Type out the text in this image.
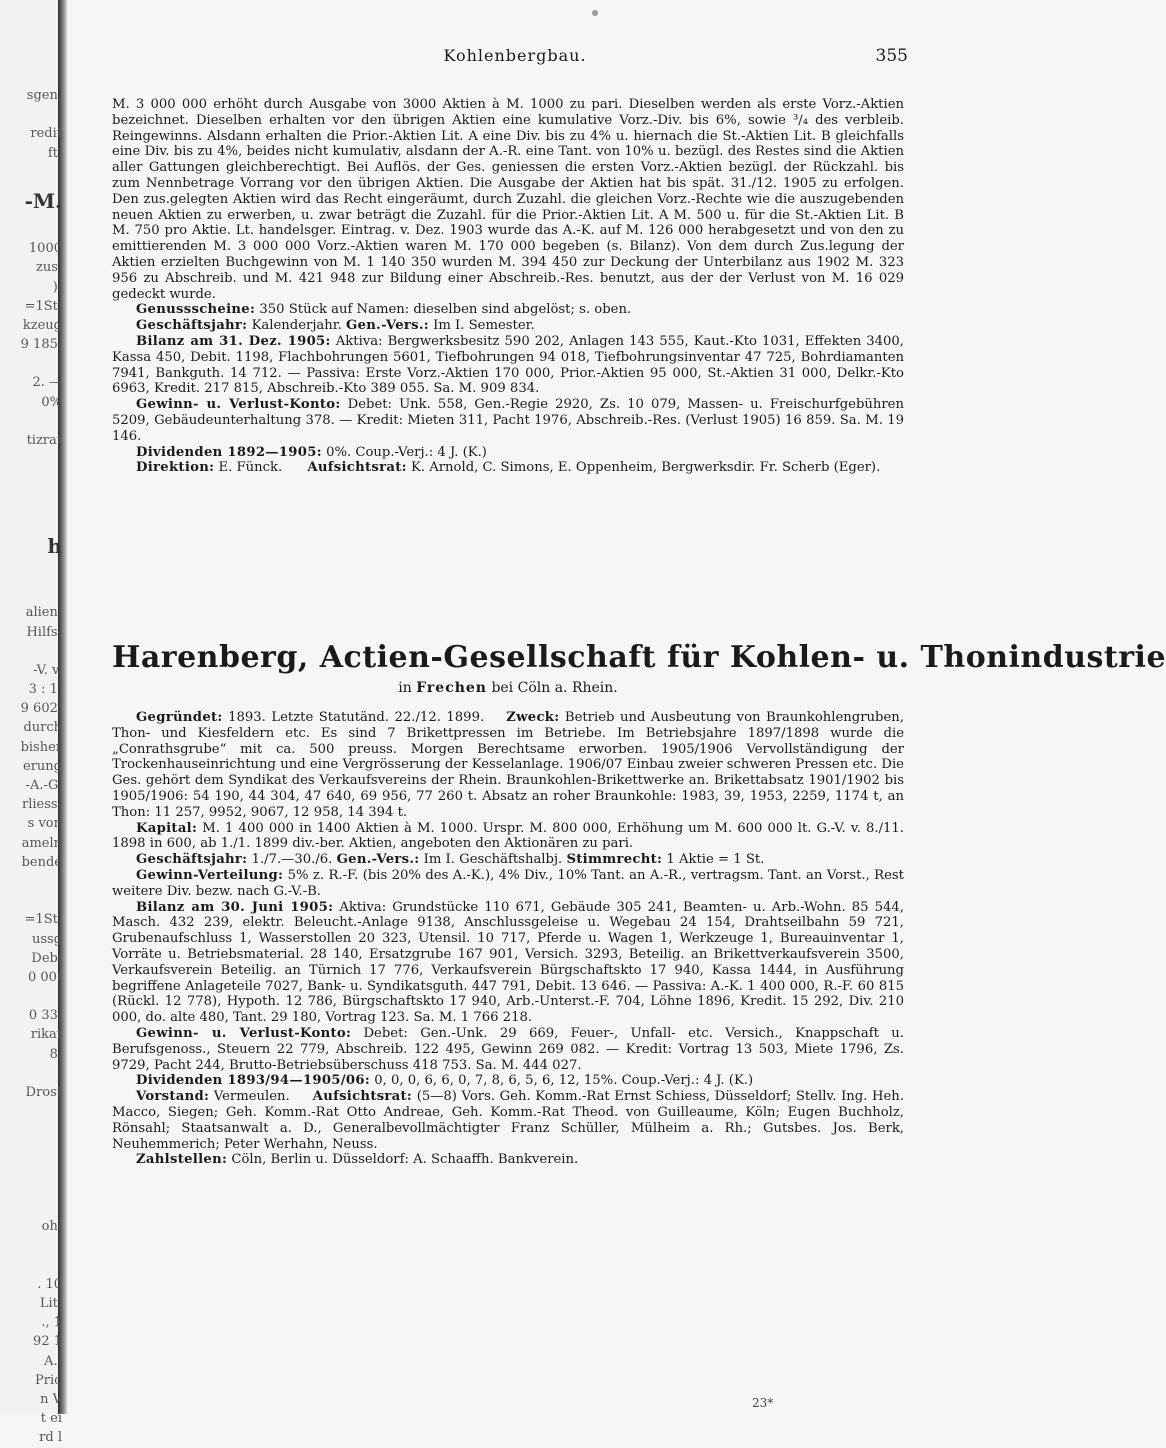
sgen,
redit
ft.
-M.
1000
zus.
).
=1St.
kzeug
9 185.
2. —
0%
tizrat
h
alien.
Hilfs-
-V. v.
3 : 1.
9 602.
durch
bisher
erung
-A.-G.
rliess-
s von
ameln
bende
=1St.
ussg
Debi
0 00(
0 33.
rikat
8.
Drost
ohl
. 10
Lit.
., 1
92 1
A.-
Prio
n V
t ei
rd l
Kohlenbergbau.	355

M. 3 000 000 erhöht durch Ausgabe von 3000 Aktien à M. 1000 zu pari. Dieselben werden als erste Vorz.-Aktien bezeichnet. Dieselben erhalten vor den übrigen Aktien eine kumulative Vorz.-Div. bis 6%, sowie ³/₄ des verbleib. Reingewinns. Alsdann erhalten die Prior.-Aktien Lit. A eine Div. bis zu 4% u. hiernach die St.-Aktien Lit. B gleichfalls eine Div. bis zu 4%, beides nicht kumulativ, alsdann der A.-R. eine Tant. von 10% u. bezügl. des Restes sind die Aktien aller Gattungen gleichberechtigt. Bei Auflös. der Ges. geniessen die ersten Vorz.-Aktien bezügl. der Rückzahl. bis zum Nennbetrage Vorrang vor den übrigen Aktien. Die Ausgabe der Aktien hat bis spät. 31./12. 1905 zu erfolgen. Den zus.gelegten Aktien wird das Recht eingeräumt, durch Zuzahl. die gleichen Vorz.-Rechte wie die auszugebenden neuen Aktien zu erwerben, u. zwar beträgt die Zuzahl. für die Prior.-Aktien Lit. A M. 500 u. für die St.-Aktien Lit. B M. 750 pro Aktie. Lt. handelsger. Eintrag. v. Dez. 1903 wurde das A.-K. auf M. 126 000 herabgesetzt und von den zu emittierenden M. 3 000 000 Vorz.-Aktien waren M. 170 000 begeben (s. Bilanz). Von dem durch Zus.legung der Aktien erzielten Buchgewinn von M. 1 140 350 wurden M. 394 450 zur Deckung der Unterbilanz aus 1902 M. 323 956 zu Abschreib. und M. 421 948 zur Bildung einer Abschreib.-Res. benutzt, aus der der Verlust von M. 16 029 gedeckt wurde.

Genussscheine: 350 Stück auf Namen: dieselben sind abgelöst; s. oben.

Geschäftsjahr: Kalenderjahr. Gen.-Vers.: Im I. Semester.

Bilanz am 31. Dez. 1905: Aktiva: Bergwerksbesitz 590 202, Anlagen 143 555, Kaut.-Kto 1031, Effekten 3400, Kassa 450, Debit. 1198, Flachbohrungen 5601, Tiefbohrungen 94 018, Tiefbohrungsinventar 47 725, Bohrdiamanten 7941, Bankguth. 14 712. — Passiva: Erste Vorz.-Aktien 170 000, Prior.-Aktien 95 000, St.-Aktien 31 000, Delkr.-Kto 6963, Kredit. 217 815, Abschreib.-Kto 389 055. Sa. M. 909 834.

Gewinn- u. Verlust-Konto: Debet: Unk. 558, Gen.-Regie 2920, Zs. 10 079, Massen- u. Freischurfgebühren 5209, Gebäudeunterhaltung 378. — Kredit: Mieten 311, Pacht 1976, Abschreib.-Res. (Verlust 1905) 16 859. Sa. M. 19 146.

Dividenden 1892—1905: 0%. Coup.-Verj.: 4 J. (K.)

Direktion: E. Fünck. Aufsichtsrat: K. Arnold, C. Simons, E. Oppenheim, Bergwerksdir. Fr. Scherb (Eger).

Harenberg, Actien-Gesellschaft für Kohlen- u. Thonindustrie
in Frechen bei Cöln a. Rhein.

Gegründet: 1893. Letzte Statutänd. 22./12. 1899. Zweck: Betrieb und Ausbeutung von Braunkohlengruben, Thon- und Kiesfeldern etc. Es sind 7 Brikettpressen im Betriebe. Im Betriebsjahre 1897/1898 wurde die „Conrathsgrube“ mit ca. 500 preuss. Morgen Berechtsame erworben. 1905/1906 Vervollständigung der Trockenhauseinrichtung und eine Vergrösserung der Kesselanlage. 1906/07 Einbau zweier schweren Pressen etc. Die Ges. gehört dem Syndikat des Verkaufsvereins der Rhein. Braunkohlen-Brikettwerke an. Brikettabsatz 1901/1902 bis 1905/1906: 54 190, 44 304, 47 640, 69 956, 77 260 t. Absatz an roher Braunkohle: 1983, 39, 1953, 2259, 1174 t, an Thon: 11 257, 9952, 9067, 12 958, 14 394 t.

Kapital: M. 1 400 000 in 1400 Aktien à M. 1000. Urspr. M. 800 000, Erhöhung um M. 600 000 lt. G.-V. v. 8./11. 1898 in 600, ab 1./1. 1899 div.-ber. Aktien, angeboten den Aktionären zu pari.

Geschäftsjahr: 1./7.—30./6. Gen.-Vers.: Im I. Geschäftshalbj. Stimmrecht: 1 Aktie = 1 St.

Gewinn-Verteilung: 5% z. R.-F. (bis 20% des A.-K.), 4% Div., 10% Tant. an A.-R., vertragsm. Tant. an Vorst., Rest weitere Div. bezw. nach G.-V.-B.

Bilanz am 30. Juni 1905: Aktiva: Grundstücke 110 671, Gebäude 305 241, Beamten- u. Arb.-Wohn. 85 544, Masch. 432 239, elektr. Beleucht.-Anlage 9138, Anschlussgeleise u. Wegebau 24 154, Drahtseilbahn 59 721, Grubenaufschluss 1, Wasserstollen 20 323, Utensil. 10 717, Pferde u. Wagen 1, Werkzeuge 1, Bureauinventar 1, Vorräte u. Betriebsmaterial. 28 140, Ersatzgrube 167 901, Versich. 3293, Beteilig. an Brikettverkaufsverein 3500, Verkaufsverein Beteilig. an Türnich 17 776, Verkaufsverein Bürgschaftskto 17 940, Kassa 1444, in Ausführung begriffene Anlageteile 7027, Bank- u. Syndikatsguth. 447 791, Debit. 13 646. — Passiva: A.-K. 1 400 000, R.-F. 60 815 (Rückl. 12 778), Hypoth. 12 786, Bürgschaftskto 17 940, Arb.-Unterst.-F. 704, Löhne 1896, Kredit. 15 292, Div. 210 000, do. alte 480, Tant. 29 180, Vortrag 123. Sa. M. 1 766 218.

Gewinn- u. Verlust-Konto: Debet: Gen.-Unk. 29 669, Feuer-, Unfall- etc. Versich., Knappschaft u. Berufsgenoss., Steuern 22 779, Abschreib. 122 495, Gewinn 269 082. — Kredit: Vortrag 13 503, Miete 1796, Zs. 9729, Pacht 244, Brutto-Betriebsüberschuss 418 753. Sa. M. 444 027.

Dividenden 1893/94—1905/06: 0, 0, 0, 6, 6, 0, 7, 8, 6, 5, 6, 12, 15%. Coup.-Verj.: 4 J. (K.)

Vorstand: Vermeulen. Aufsichtsrat: (5—8) Vors. Geh. Komm.-Rat Ernst Schiess, Düsseldorf; Stellv. Ing. Heh. Macco, Siegen; Geh. Komm.-Rat Otto Andreae, Geh. Komm.-Rat Theod. von Guilleaume, Köln; Eugen Buchholz, Rönsahl; Staatsanwalt a. D., Generalbevollmächtigter Franz Schüller, Mülheim a. Rh.; Gutsbes. Jos. Berk, Neuhemmerich; Peter Werhahn, Neuss.

Zahlstellen: Cöln, Berlin u. Düsseldorf: A. Schaaffh. Bankverein.

23*
